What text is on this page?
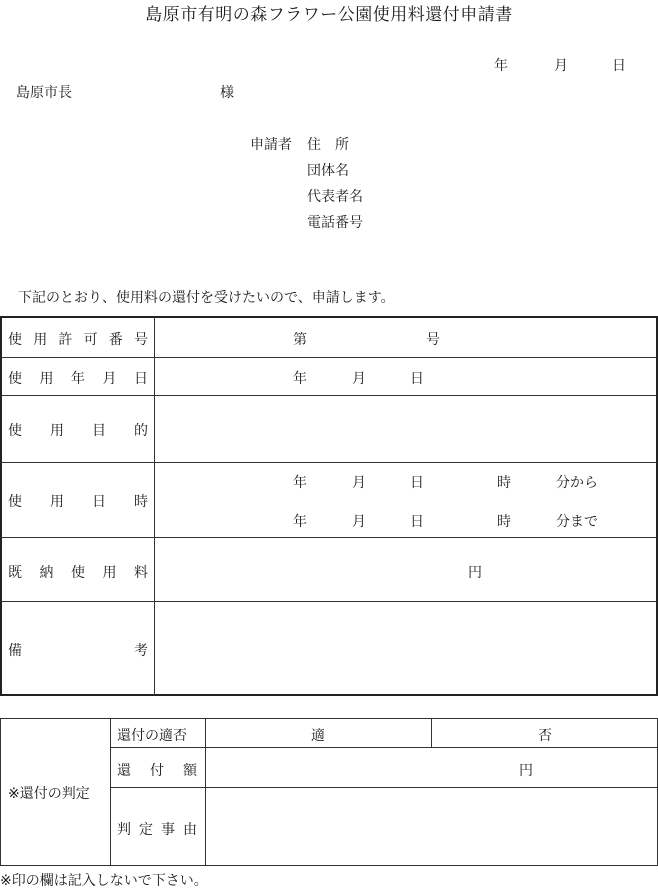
島原市有明の森フラワー公園使用料還付申請書
年	月	日
島原市長	様
申請者 住　所
団体名
代表者名
電話番号
下記のとおり、使用料の還付を受けたいので、申請します。
使 用 許 可 番 号	第	号
使 用 年 月 日	年	月	日
使 用 目 的
使 用 日 時
年	月	日	時	分から
年	月	日	時	分まで
既 納 使 用 料	円
備	考
※還付の判定
還付の適否	適	否
還 付 額	円
判 定 事 由
※印の欄は記入しないで下さい。
